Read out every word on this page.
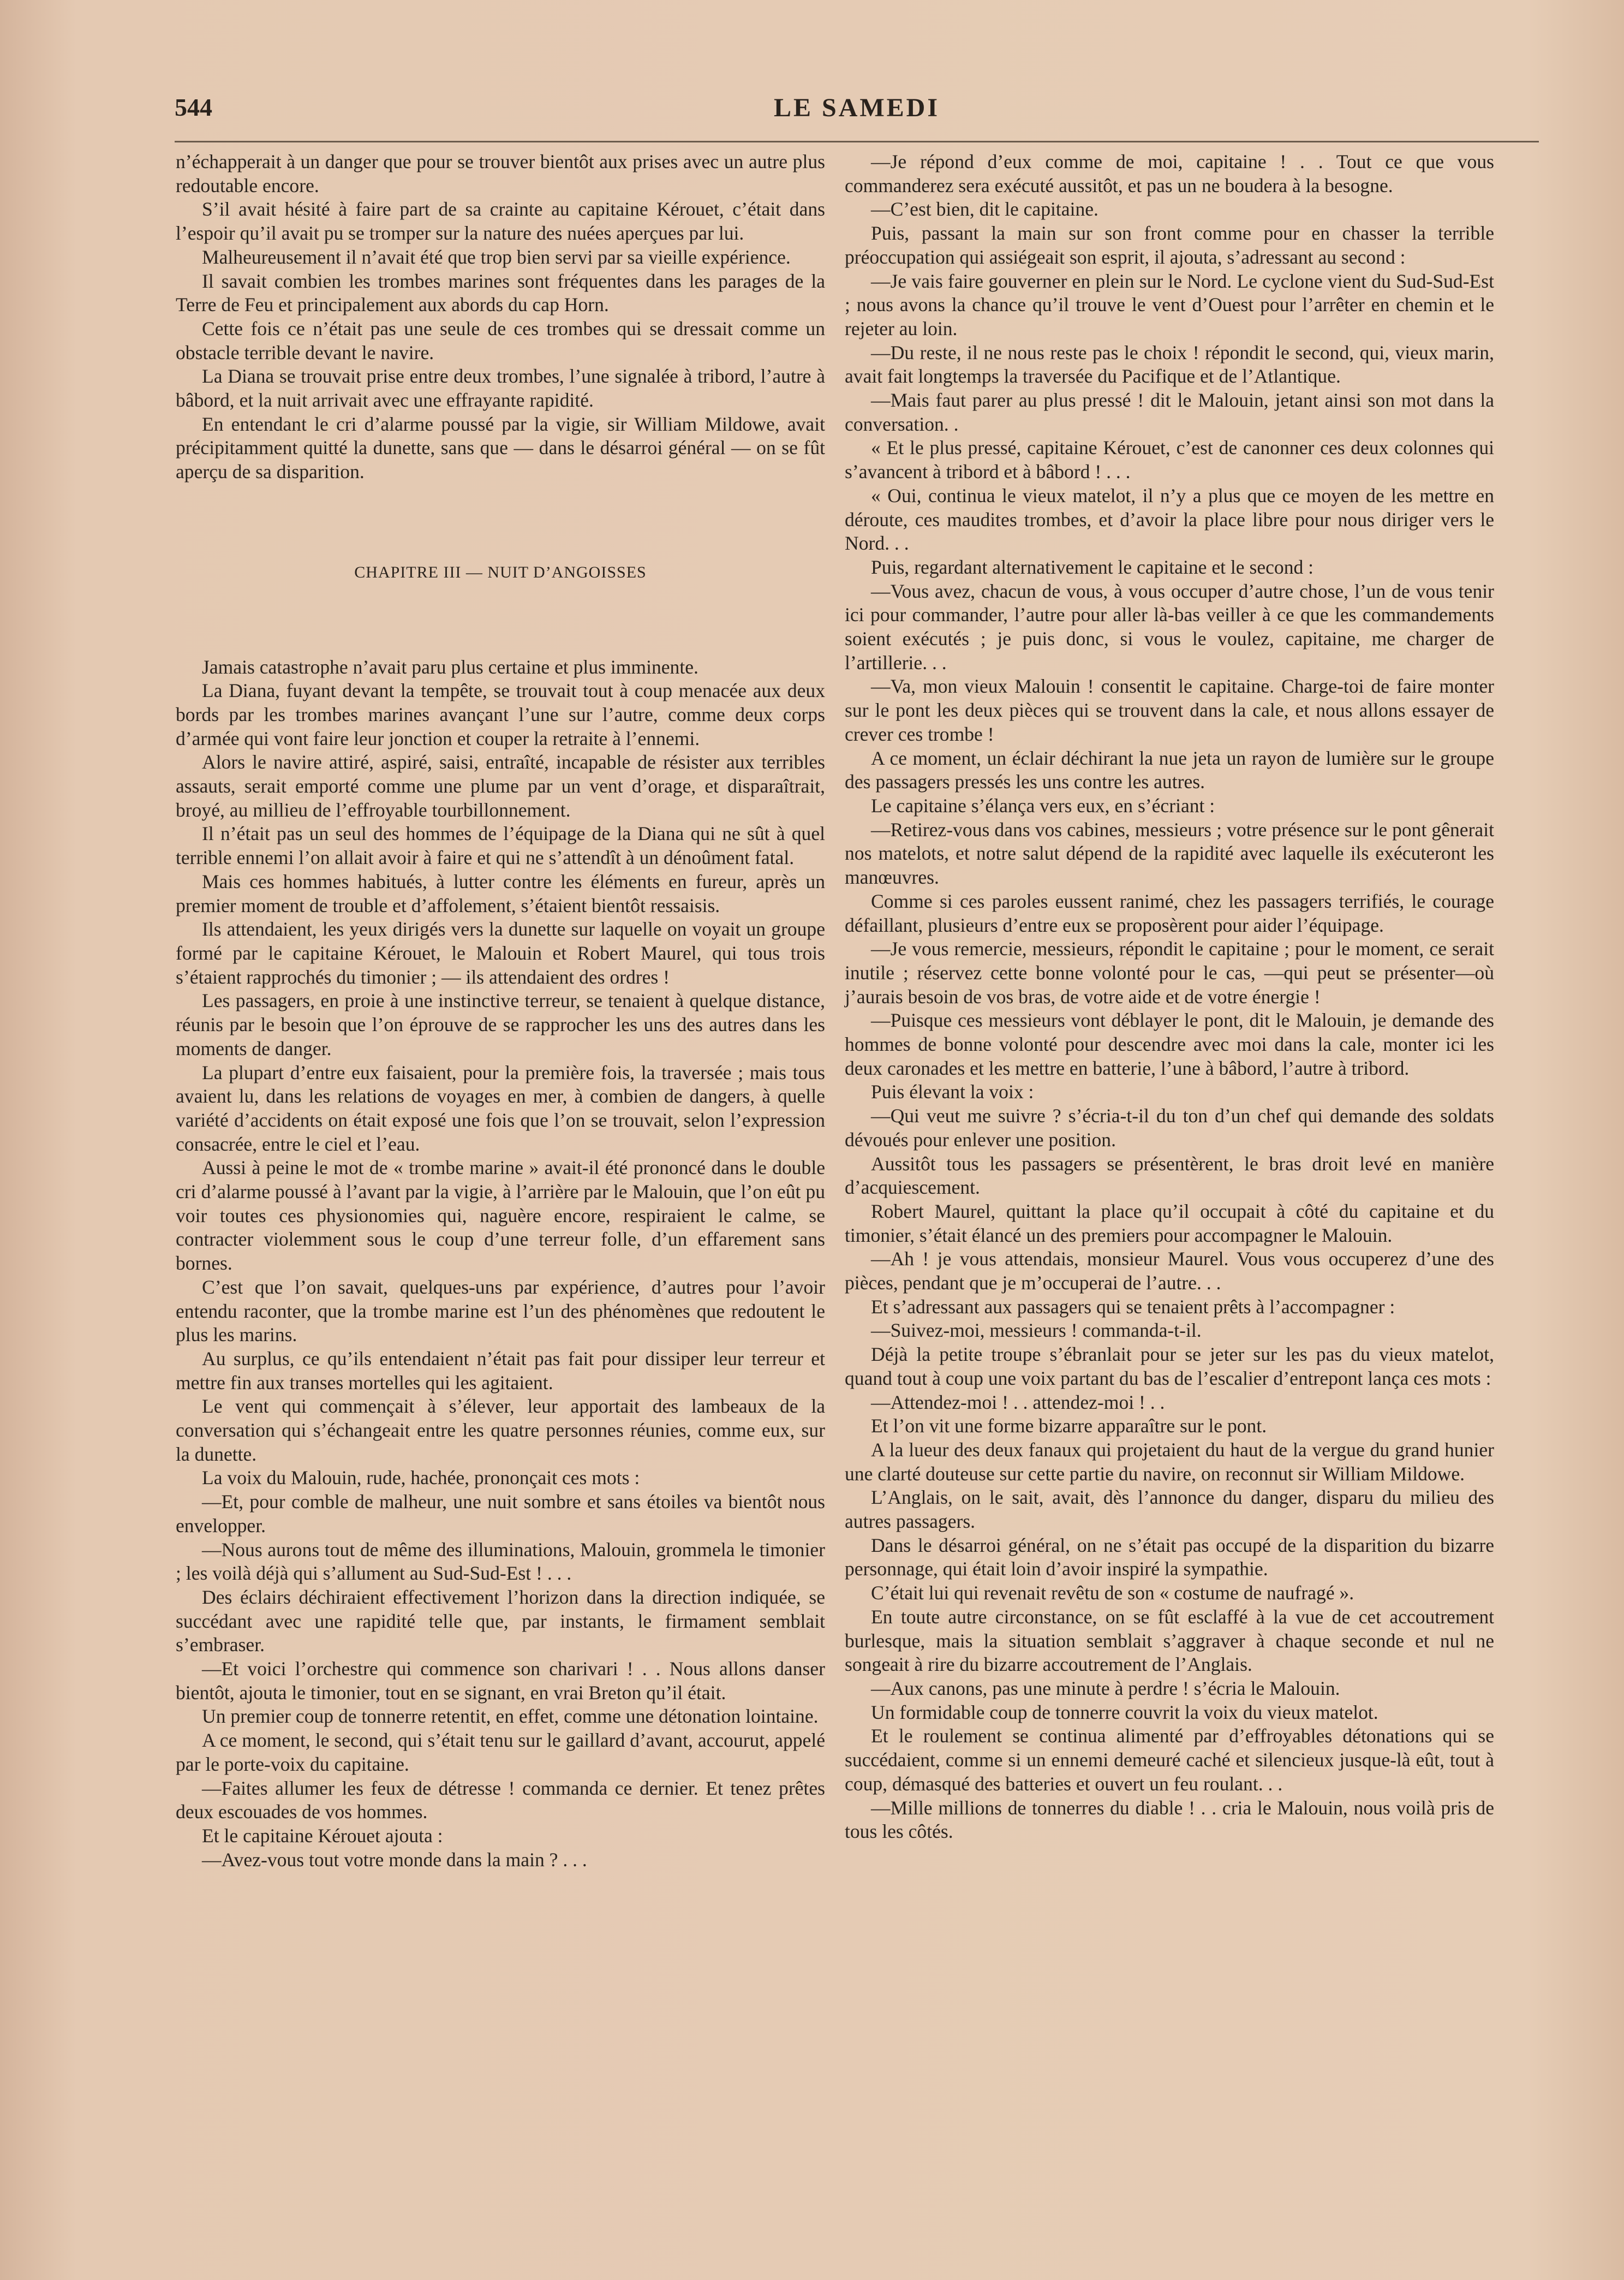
LE SAMEDI
544

n’échapperait à un danger que pour se trouver bientôt aux prises avec un autre plus redoutable encore.

S’il avait hésité à faire part de sa crainte au capitaine Kérouet, c’était dans l’espoir qu’il avait pu se tromper sur la nature des nuées aperçues par lui.

Malheureusement il n’avait été que trop bien servi par sa vieille expérience.

Il savait combien les trombes marines sont fréquentes dans les parages de la Terre de Feu et principalement aux abords du cap Horn.

Cette fois ce n’était pas une seule de ces trombes qui se dressait comme un obstacle terrible devant le navire.

La Diana se trouvait prise entre deux trombes, l’une signalée à tribord, l’autre à bâbord, et la nuit arrivait avec une effrayante rapidité.

En entendant le cri d’alarme poussé par la vigie, sir William Mildowe, avait précipitamment quitté la dunette, sans que — dans le désarroi général — on se fût aperçu de sa disparition.

CHAPITRE III — NUIT D’ANGOISSES

Jamais catastrophe n’avait paru plus certaine et plus imminente.

La Diana, fuyant devant la tempête, se trouvait tout à coup menacée aux deux bords par les trombes marines avançant l’une sur l’autre, comme deux corps d’armée qui vont faire leur jonction et couper la retraite à l’ennemi.

Alors le navire attiré, aspiré, saisi, entraîté, incapable de résister aux terribles assauts, serait emporté comme une plume par un vent d’orage, et disparaîtrait, broyé, au millieu de l’effroyable tourbillonnement.

Il n’était pas un seul des hommes de l’équipage de la Diana qui ne sût à quel terrible ennemi l’on allait avoir à faire et qui ne s’attendît à un dénoûment fatal.

Mais ces hommes habitués, à lutter contre les éléments en fureur, après un premier moment de trouble et d’affolement, s’étaient bientôt ressaisis.

Ils attendaient, les yeux dirigés vers la dunette sur laquelle on voyait un groupe formé par le capitaine Kérouet, le Malouin et Robert Maurel, qui tous trois s’étaient rapprochés du timonier ; — ils attendaient des ordres !

Les passagers, en proie à une instinctive terreur, se tenaient à quelque distance, réunis par le besoin que l’on éprouve de se rapprocher les uns des autres dans les moments de danger.

La plupart d’entre eux faisaient, pour la première fois, la traversée ; mais tous avaient lu, dans les relations de voyages en mer, à combien de dangers, à quelle variété d’accidents on était exposé une fois que l’on se trouvait, selon l’expression consacrée, entre le ciel et l’eau.

Aussi à peine le mot de « trombe marine » avait-il été prononcé dans le double cri d’alarme poussé à l’avant par la vigie, à l’arrière par le Malouin, que l’on eût pu voir toutes ces physionomies qui, naguère encore, respiraient le calme, se contracter violemment sous le coup d’une terreur folle, d’un effarement sans bornes.

C’est que l’on savait, quelques-uns par expérience, d’autres pour l’avoir entendu raconter, que la trombe marine est l’un des phénomènes que redoutent le plus les marins.

Au surplus, ce qu’ils entendaient n’était pas fait pour dissiper leur terreur et mettre fin aux transes mortelles qui les agitaient.

Le vent qui commençait à s’élever, leur apportait des lambeaux de la conversation qui s’échangeait entre les quatre personnes réunies, comme eux, sur la dunette.

La voix du Malouin, rude, hachée, prononçait ces mots :

—Et, pour comble de malheur, une nuit sombre et sans étoiles va bientôt nous envelopper.

—Nous aurons tout de même des illuminations, Malouin, grommela le timonier ; les voilà déjà qui s’allument au Sud-Sud-Est ! . . .

Des éclairs déchiraient effectivement l’horizon dans la direction indiquée, se succédant avec une rapidité telle que, par instants, le firmament semblait s’embraser.

—Et voici l’orchestre qui commence son charivari ! . . Nous allons danser bientôt, ajouta le timonier, tout en se signant, en vrai Breton qu’il était.

Un premier coup de tonnerre retentit, en effet, comme une détonation lointaine.

A ce moment, le second, qui s’était tenu sur le gaillard d’avant, accourut, appelé par le porte-voix du capitaine.

—Faites allumer les feux de détresse ! commanda ce dernier. Et tenez prêtes deux escouades de vos hommes.

Et le capitaine Kérouet ajouta :

—Avez-vous tout votre monde dans la main ? . . .

—Je répond d’eux comme de moi, capitaine ! . . Tout ce que vous commanderez sera exécuté aussitôt, et pas un ne boudera à la besogne.

—C’est bien, dit le capitaine.

Puis, passant la main sur son front comme pour en chasser la terrible préoccupation qui assiégeait son esprit, il ajouta, s’adressant au second :

—Je vais faire gouverner en plein sur le Nord. Le cyclone vient du Sud-Sud-Est ; nous avons la chance qu’il trouve le vent d’Ouest pour l’arrêter en chemin et le rejeter au loin.

—Du reste, il ne nous reste pas le choix ! répondit le second, qui, vieux marin, avait fait longtemps la traversée du Pacifique et de l’Atlantique.

—Mais faut parer au plus pressé ! dit le Malouin, jetant ainsi son mot dans la conversation. .

« Et le plus pressé, capitaine Kérouet, c’est de canonner ces deux colonnes qui s’avancent à tribord et à bâbord ! . . .

« Oui, continua le vieux matelot, il n’y a plus que ce moyen de les mettre en déroute, ces maudites trombes, et d’avoir la place libre pour nous diriger vers le Nord. . .

Puis, regardant alternativement le capitaine et le second :

—Vous avez, chacun de vous, à vous occuper d’autre chose, l’un de vous tenir ici pour commander, l’autre pour aller là-bas veiller à ce que les commandements soient exécutés ; je puis donc, si vous le voulez, capitaine, me charger de l’artillerie. . .

—Va, mon vieux Malouin ! consentit le capitaine. Charge-toi de faire monter sur le pont les deux pièces qui se trouvent dans la cale, et nous allons essayer de crever ces trombe !

A ce moment, un éclair déchirant la nue jeta un rayon de lumière sur le groupe des passagers pressés les uns contre les autres.

Le capitaine s’élança vers eux, en s’écriant :

—Retirez-vous dans vos cabines, messieurs ; votre présence sur le pont gênerait nos matelots, et notre salut dépend de la rapidité avec laquelle ils exécuteront les manœuvres.

Comme si ces paroles eussent ranimé, chez les passagers terrifiés, le courage défaillant, plusieurs d’entre eux se proposèrent pour aider l’équipage.

—Je vous remercie, messieurs, répondit le capitaine ; pour le moment, ce serait inutile ; réservez cette bonne volonté pour le cas, —qui peut se présenter—où j’aurais besoin de vos bras, de votre aide et de votre énergie !

—Puisque ces messieurs vont déblayer le pont, dit le Malouin, je demande des hommes de bonne volonté pour descendre avec moi dans la cale, monter ici les deux caronades et les mettre en batterie, l’une à bâbord, l’autre à tribord.

Puis élevant la voix :

—Qui veut me suivre ? s’écria-t-il du ton d’un chef qui demande des soldats dévoués pour enlever une position.

Aussitôt tous les passagers se présentèrent, le bras droit levé en manière d’acquiescement.

Robert Maurel, quittant la place qu’il occupait à côté du capitaine et du timonier, s’était élancé un des premiers pour accompagner le Malouin.

—Ah ! je vous attendais, monsieur Maurel. Vous vous occuperez d’une des pièces, pendant que je m’occuperai de l’autre. . .

Et s’adressant aux passagers qui se tenaient prêts à l’accompagner :

—Suivez-moi, messieurs ! commanda-t-il.

Déjà la petite troupe s’ébranlait pour se jeter sur les pas du vieux matelot, quand tout à coup une voix partant du bas de l’escalier d’entrepont lança ces mots :

—Attendez-moi ! . . attendez-moi ! . .

Et l’on vit une forme bizarre apparaître sur le pont.

A la lueur des deux fanaux qui projetaient du haut de la vergue du grand hunier une clarté douteuse sur cette partie du navire, on reconnut sir William Mildowe.

L’Anglais, on le sait, avait, dès l’annonce du danger, disparu du milieu des autres passagers.

Dans le désarroi général, on ne s’était pas occupé de la disparition du bizarre personnage, qui était loin d’avoir inspiré la sympathie.

C’était lui qui revenait revêtu de son « costume de naufragé ».

En toute autre circonstance, on se fût esclaffé à la vue de cet accoutrement burlesque, mais la situation semblait s’aggraver à chaque seconde et nul ne songeait à rire du bizarre accoutrement de l’Anglais.

—Aux canons, pas une minute à perdre ! s’écria le Malouin.

Un formidable coup de tonnerre couvrit la voix du vieux matelot.

Et le roulement se continua alimenté par d’effroyables détonations qui se succédaient, comme si un ennemi demeuré caché et silencieux jusque-là eût, tout à coup, démasqué des batteries et ouvert un feu roulant. . .

—Mille millions de tonnerres du diable ! . . cria le Malouin, nous voilà pris de tous les côtés.
